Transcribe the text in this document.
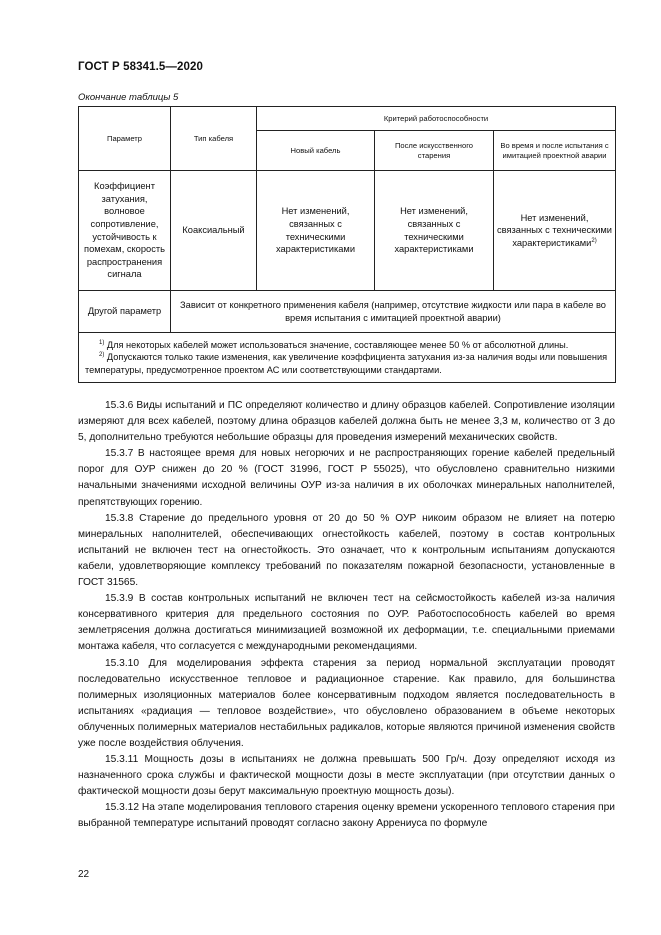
ГОСТ Р 58341.5—2020
Окончание таблицы 5
Параметр	Тип кабеля	Критерий работоспособности		
		Новый кабель	После искусственного старения	Во время и после испытания с имитацией проектной аварии
Коэффициент затухания, волновое сопротивление, устойчивость к помехам, скорость распространения сигнала	Коаксиальный	Нет изменений, связанных с техническими характеристиками	Нет изменений, связанных с техническими характеристиками	Нет изменений, связанных с техническими характеристиками$^{2)}$
Другой параметр	Зависит от конкретного применения кабеля (например, отсутствие жидкости или пара в кабеле во время испытания с имитацией проектной аварии)			

$^{1)}$ Для некоторых кабелей может использоваться значение, составляющее менее 50 % от абсолютной длины.
$^{2)}$ Допускаются только такие изменения, как увеличение коэффициента затухания из-за наличия воды или повышения температуры, предусмотренное проектом АС или соответствующими стандартами.				

15.3.6 Виды испытаний и ПС определяют количество и длину образцов кабелей. Сопротивление изоляции измеряют для всех кабелей, поэтому длина образцов кабелей должна быть не менее 3,3 м, количество от 3 до 5, дополнительно требуются небольшие образцы для проведения измерений механических свойств.

15.3.7 В настоящее время для новых негорючих и не распространяющих горение кабелей предельный порог для ОУР снижен до 20 % (ГОСТ 31996, ГОСТ Р 55025), что обусловлено сравнительно низкими начальными значениями исходной величины ОУР из-за наличия в их оболочках минеральных наполнителей, препятствующих горению.

15.3.8 Старение до предельного уровня от 20 до 50 % ОУР никоим образом не влияет на потерю минеральных наполнителей, обеспечивающих огнестойкость кабелей, поэтому в состав контрольных испытаний не включен тест на огнестойкость. Это означает, что к контрольным испытаниям допускаются кабели, удовлетворяющие комплексу требований по показателям пожарной безопасности, установленные в ГОСТ 31565.

15.3.9 В состав контрольных испытаний не включен тест на сейсмостойкость кабелей из-за наличия консервативного критерия для предельного состояния по ОУР. Работоспособность кабелей во время землетрясения должна достигаться минимизацией возможной их деформации, т.е. специальными приемами монтажа кабеля, что согласуется с международными рекомендациями.

15.3.10 Для моделирования эффекта старения за период нормальной эксплуатации проводят последовательно искусственное тепловое и радиационное старение. Как правило, для большинства полимерных изоляционных материалов более консервативным подходом является последовательность в испытаниях «радиация — тепловое воздействие», что обусловлено образованием в объеме некоторых облученных полимерных материалов нестабильных радикалов, которые являются причиной изменения свойств уже после воздействия облучения.

15.3.11 Мощность дозы в испытаниях не должна превышать 500 Гр/ч. Дозу определяют исходя из назначенного срока службы и фактической мощности дозы в месте эксплуатации (при отсутствии данных о фактической мощности дозы берут максимальную проектную мощность дозы).

15.3.12 На этапе моделирования теплового старения оценку времени ускоренного теплового старения при выбранной температуре испытаний проводят согласно закону Аррениуса по формуле

22
